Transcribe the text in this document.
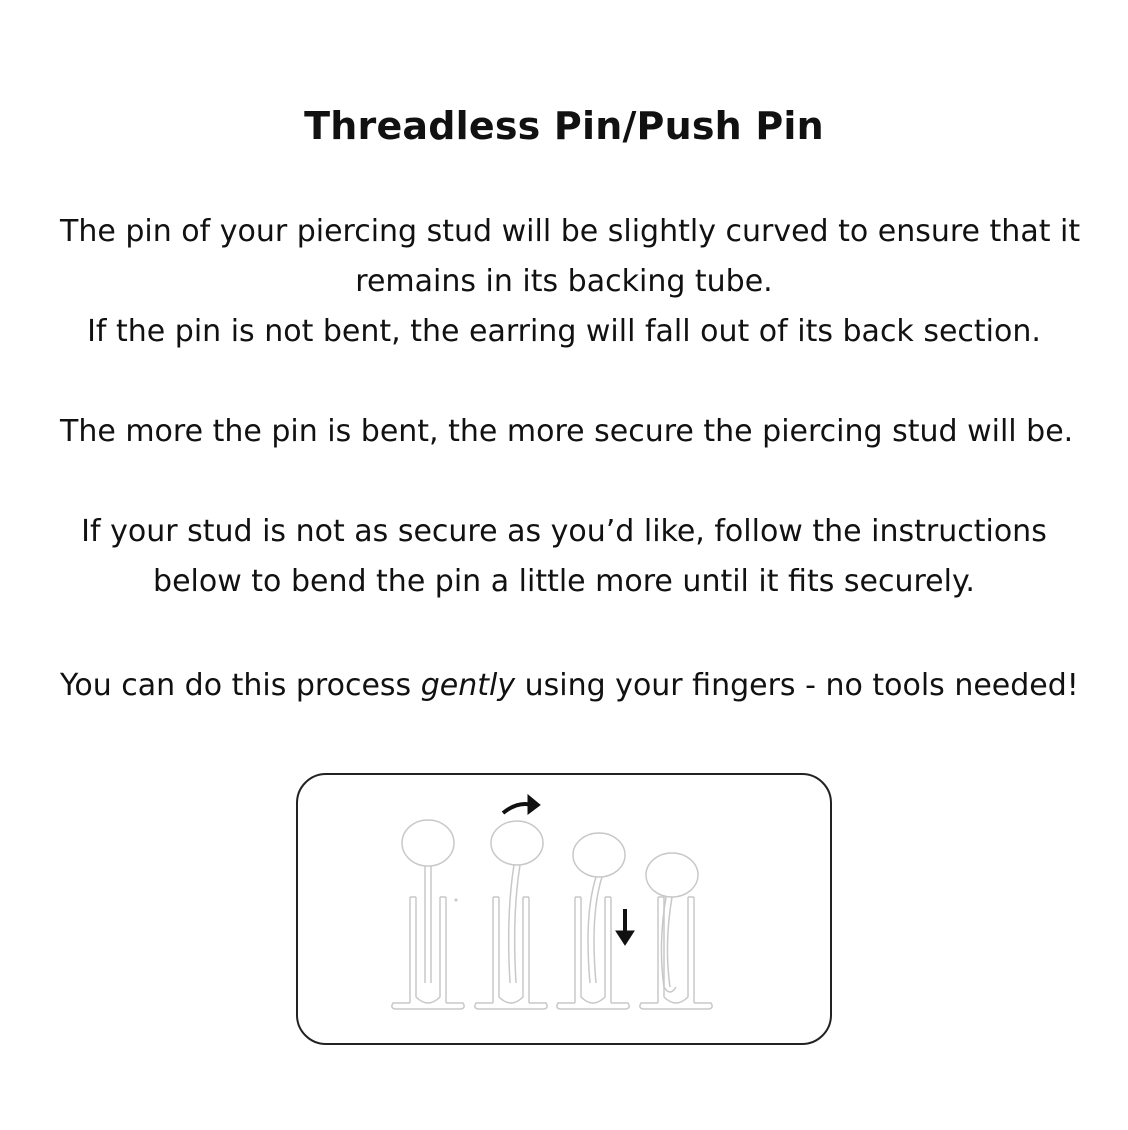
Threadless Pin/Push Pin
The pin of your piercing stud will be slightly curved to ensure that it
remains in its backing tube.
If the pin is not bent, the earring will fall out of its back section.
The more the pin is bent, the more secure the piercing stud will be.
If your stud is not as secure as you’d like, follow the instructions
below to bend the pin a little more until it fits securely.
You can do this process gently using your fingers - no tools needed!
